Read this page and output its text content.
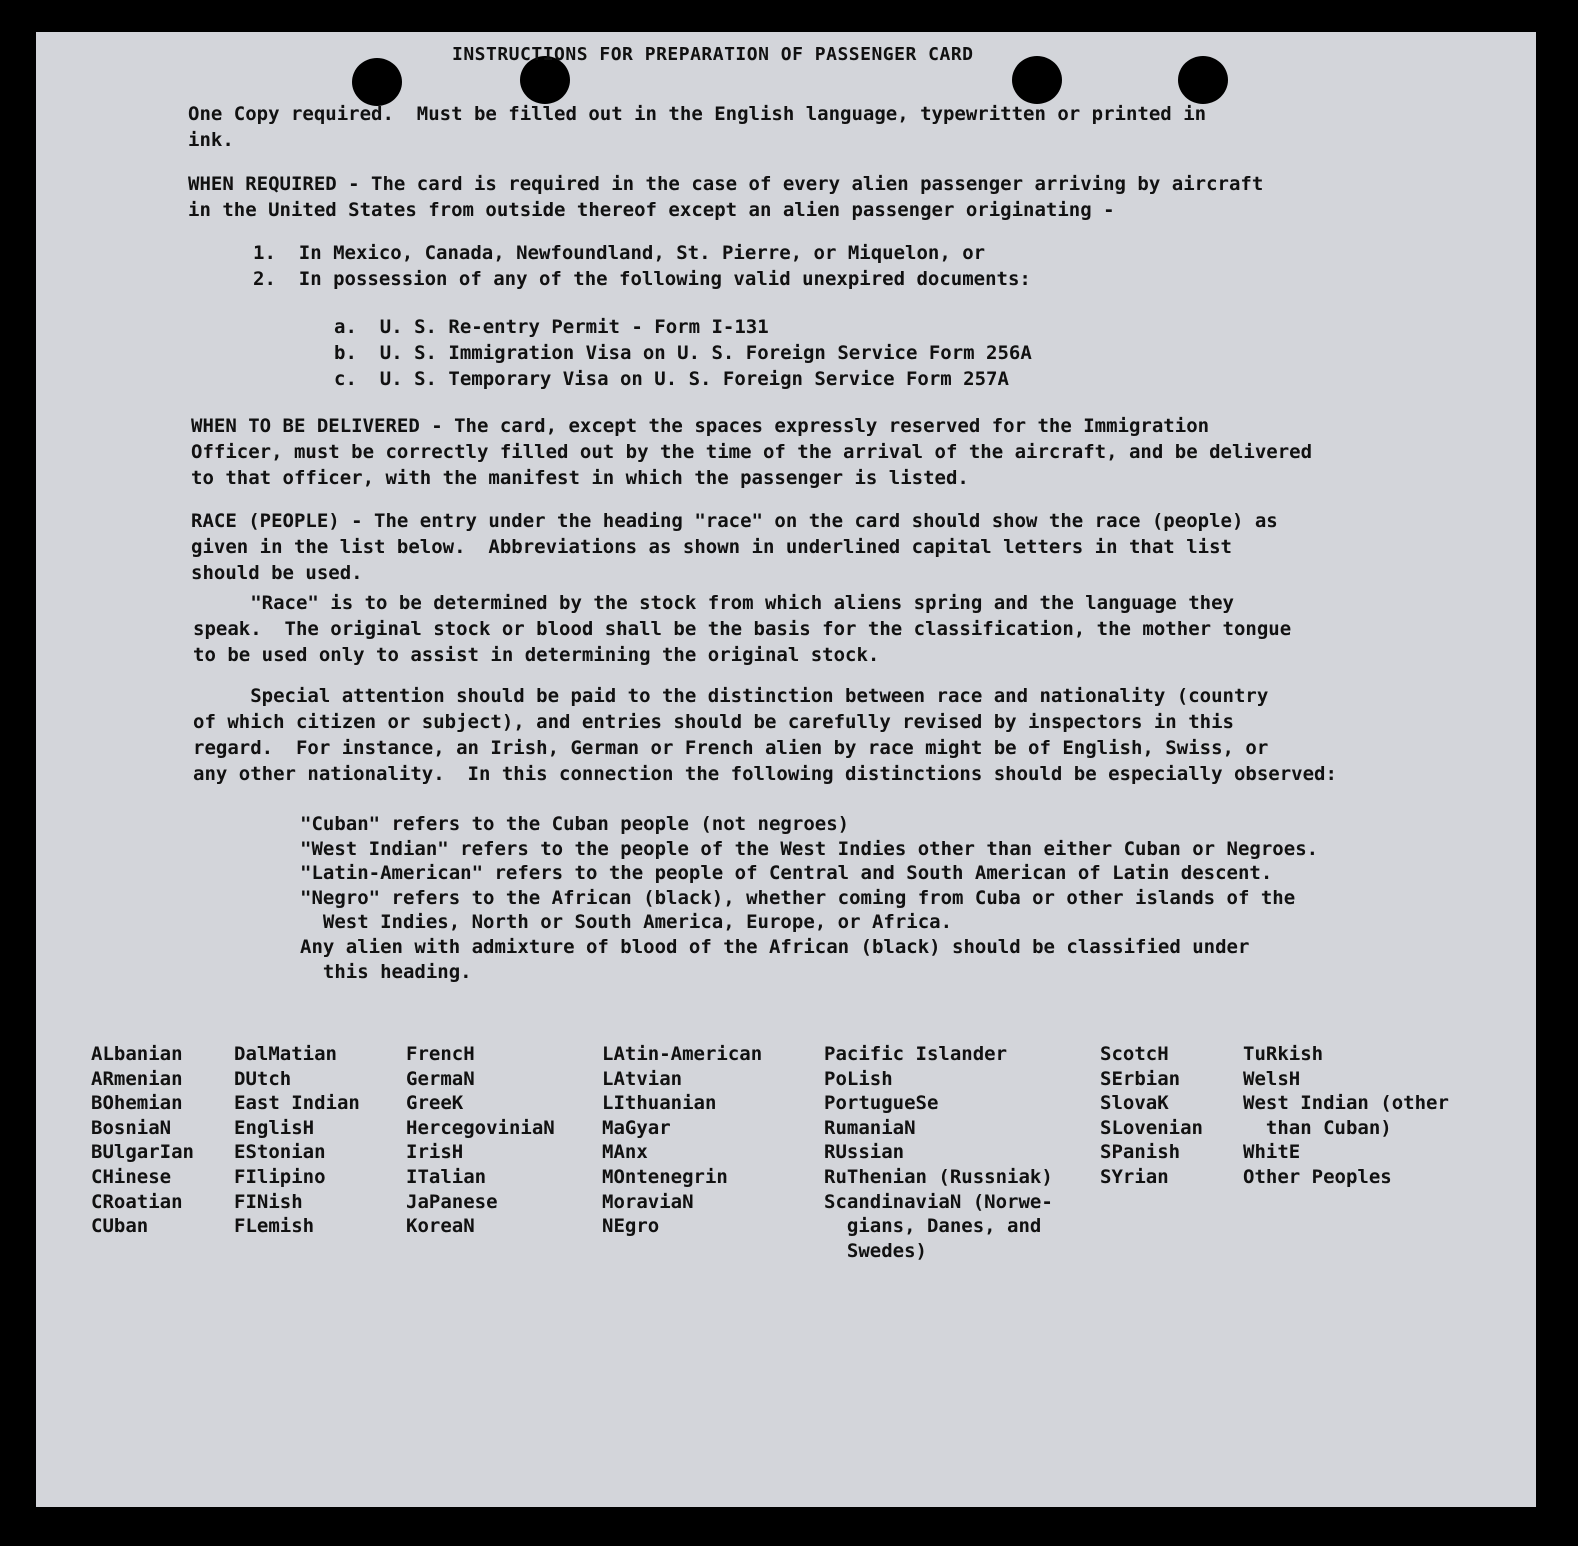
INSTRUCTIONS FOR PREPARATION OF PASSENGER CARD
One Copy required.  Must be filled out in the English language, typewritten or printed in
ink.
WHEN REQUIRED - The card is required in the case of every alien passenger arriving by aircraft
in the United States from outside thereof except an alien passenger originating -
1.  In Mexico, Canada, Newfoundland, St. Pierre, or Miquelon, or
2.  In possession of any of the following valid unexpired documents:
a.  U. S. Re-entry Permit - Form I-131
b.  U. S. Immigration Visa on U. S. Foreign Service Form 256A
c.  U. S. Temporary Visa on U. S. Foreign Service Form 257A
WHEN TO BE DELIVERED - The card, except the spaces expressly reserved for the Immigration
Officer, must be correctly filled out by the time of the arrival of the aircraft, and be delivered
to that officer, with the manifest in which the passenger is listed.
RACE (PEOPLE) - The entry under the heading "race" on the card should show the race (people) as
given in the list below.  Abbreviations as shown in underlined capital letters in that list
should be used.
"Race" is to be determined by the stock from which aliens spring and the language they
speak.  The original stock or blood shall be the basis for the classification, the mother tongue
to be used only to assist in determining the original stock.
Special attention should be paid to the distinction between race and nationality (country
of which citizen or subject), and entries should be carefully revised by inspectors in this
regard.  For instance, an Irish, German or French alien by race might be of English, Swiss, or
any other nationality.  In this connection the following distinctions should be especially observed:
"Cuban" refers to the Cuban people (not negroes)
"West Indian" refers to the people of the West Indies other than either Cuban or Negroes.
"Latin-American" refers to the people of Central and South American of Latin descent.
"Negro" refers to the African (black), whether coming from Cuba or other islands of the
West Indies, North or South America, Europe, or Africa.
Any alien with admixture of blood of the African (black) should be classified under
this heading.
ALbanian
ARmenian
BOhemian
BosniaN
BUlgarIan
CHinese
CRoatian
CUban
DalMatian
DUtch
East Indian
EnglisH
EStonian
FIlipino
FINish
FLemish
FrencH
GermaN
GreeK
HercegoviniaN
IrisH
ITalian
JaPanese
KoreaN
LAtin-American
LAtvian
LIthuanian
MaGyar
MAnx
MOntenegrin
MoraviaN
NEgro
Pacific Islander
PoLish
PortugueSe
RumaniaN
RUssian
RuThenian (Russniak)
ScandinaviaN (Norwe-
gians, Danes, and
Swedes)
ScotcH
SErbian
SlovaK
SLovenian
SPanish
SYrian
TuRkish
WelsH
West Indian (other
than Cuban)
WhitE
Other Peoples
